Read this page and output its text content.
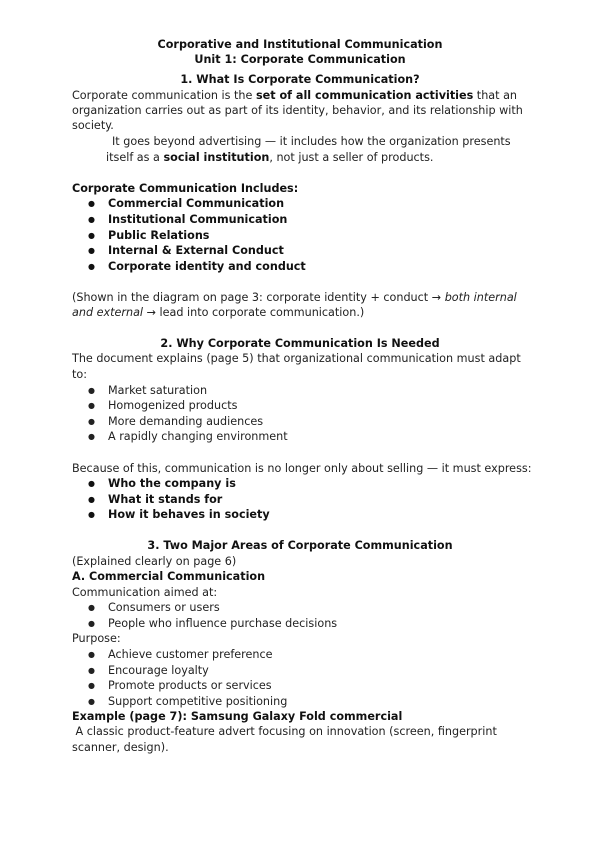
Corporative and Institutional Communication
Unit 1: Corporate Communication
1. What Is Corporate Communication?
Corporate communication is the set of all communication activities that an
organization carries out as part of its identity, behavior, and its relationship with
society.
It goes beyond advertising — it includes how the organization presents
itself as a social institution, not just a seller of products.
Corporate Communication Includes:
● Commercial Communication
● Institutional Communication
● Public Relations
● Internal & External Conduct
● Corporate identity and conduct
(Shown in the diagram on page 3: corporate identity + conduct → both internal
and external → lead into corporate communication.)
2. Why Corporate Communication Is Needed
The document explains (page 5) that organizational communication must adapt
to:
● Market saturation
● Homogenized products
● More demanding audiences
● A rapidly changing environment
Because of this, communication is no longer only about selling — it must express:
● Who the company is
● What it stands for
● How it behaves in society
3. Two Major Areas of Corporate Communication
(Explained clearly on page 6)
A. Commercial Communication
Communication aimed at:
● Consumers or users
● People who influence purchase decisions
Purpose:
● Achieve customer preference
● Encourage loyalty
● Promote products or services
● Support competitive positioning
Example (page 7): Samsung Galaxy Fold commercial
A classic product-feature advert focusing on innovation (screen, fingerprint
scanner, design).
